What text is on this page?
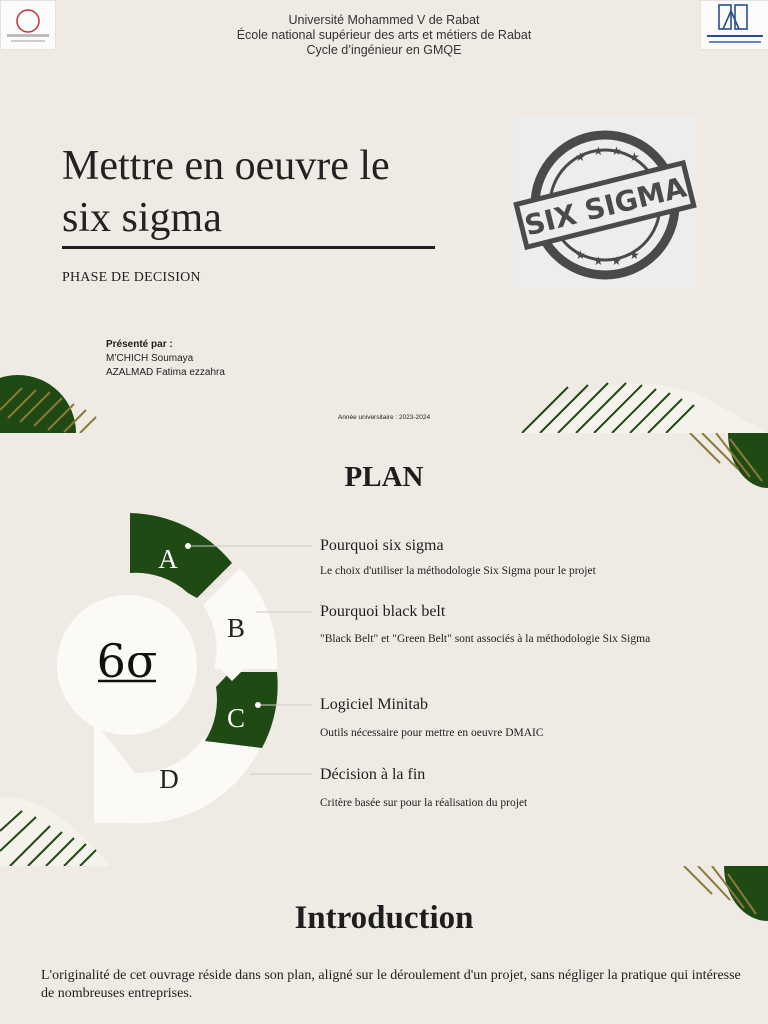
Université Mohammed V de Rabat
École national supérieur des arts et métiers de Rabat
Cycle d’ingénieur en GMQE
Mettre en oeuvre le
six sigma
PHASE DE DECISION
★ ★ ★ ★
★ ★ ★ ★
SIX SIGMA
Présenté par :
M’CHICH Soumaya
AZALMAD Fatima ezzahra
Année universitaire : 2023-2024
6σ
A
B
C
D
PLAN
Pourquoi six sigma
Le choix d'utiliser la méthodologie Six Sigma pour le projet
Pourquoi black belt
"Black Belt" et "Green Belt" sont associés à la méthodologie Six Sigma
Logiciel Minitab
Outils nécessaire pour mettre en oeuvre DMAIC
Décision à la fin
Critère basée sur pour la réalisation du projet
Introduction
L'originalité de cet ouvrage réside dans son plan, aligné sur le déroulement d'un projet, sans négliger la pratique qui intéresse de nombreuses entreprises.
